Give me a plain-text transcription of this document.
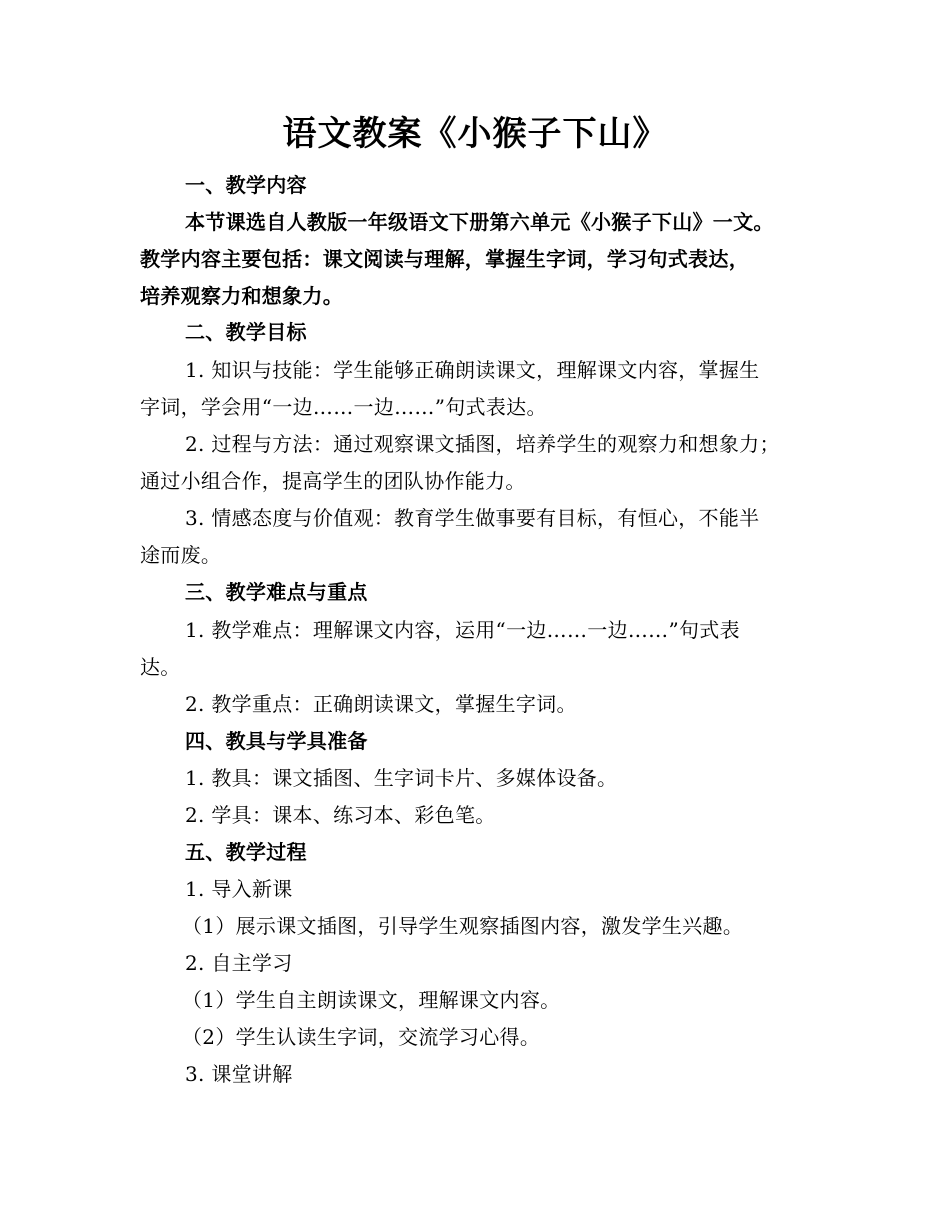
语文教案《小猴子下山》
一、教学内容
本节课选自人教版一年级语文下册第六单元《小猴子下山》一文。
教学内容主要包括：课文阅读与理解，掌握生字词，学习句式表达，
培养观察力和想象力。
二、教学目标
1. 知识与技能：学生能够正确朗读课文，理解课文内容，掌握生
字词，学会用“一边……一边……”句式表达。
2. 过程与方法：通过观察课文插图，培养学生的观察力和想象力；
通过小组合作，提高学生的团队协作能力。
3. 情感态度与价值观：教育学生做事要有目标，有恒心，不能半
途而废。
三、教学难点与重点
1. 教学难点：理解课文内容，运用“一边……一边……”句式表
达。
2. 教学重点：正确朗读课文，掌握生字词。
四、教具与学具准备
1. 教具：课文插图、生字词卡片、多媒体设备。
2. 学具：课本、练习本、彩色笔。
五、教学过程
1. 导入新课
（1）展示课文插图，引导学生观察插图内容，激发学生兴趣。
2. 自主学习
（1）学生自主朗读课文，理解课文内容。
（2）学生认读生字词，交流学习心得。
3. 课堂讲解
